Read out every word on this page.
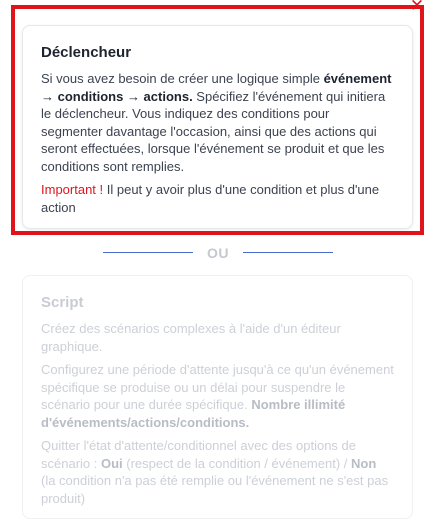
Déclencheur

Si vous avez besoin de créer une logique simple événement → conditions → actions. Spécifiez l'événement qui initiera le déclencheur. Vous indiquez des conditions pour segmenter davantage l'occasion, ainsi que des actions qui seront effectuées, lorsque l'événement se produit et que les conditions sont remplies.

Important ! Il peut y avoir plus d'une condition et plus d'une action

✕
OU
Script

Créez des scénarios complexes à l'aide d'un éditeur graphique.

Configurez une période d'attente jusqu'à ce qu'un événement spécifique se produise ou un délai pour suspendre le scénario pour une durée spécifique. Nombre illimité d'événements/actions/conditions.

Quitter l'état d'attente/conditionnel avec des options de scénario : Oui (respect de la condition / événement) / Non (la condition n'a pas été remplie ou l'événement ne s'est pas produit)
